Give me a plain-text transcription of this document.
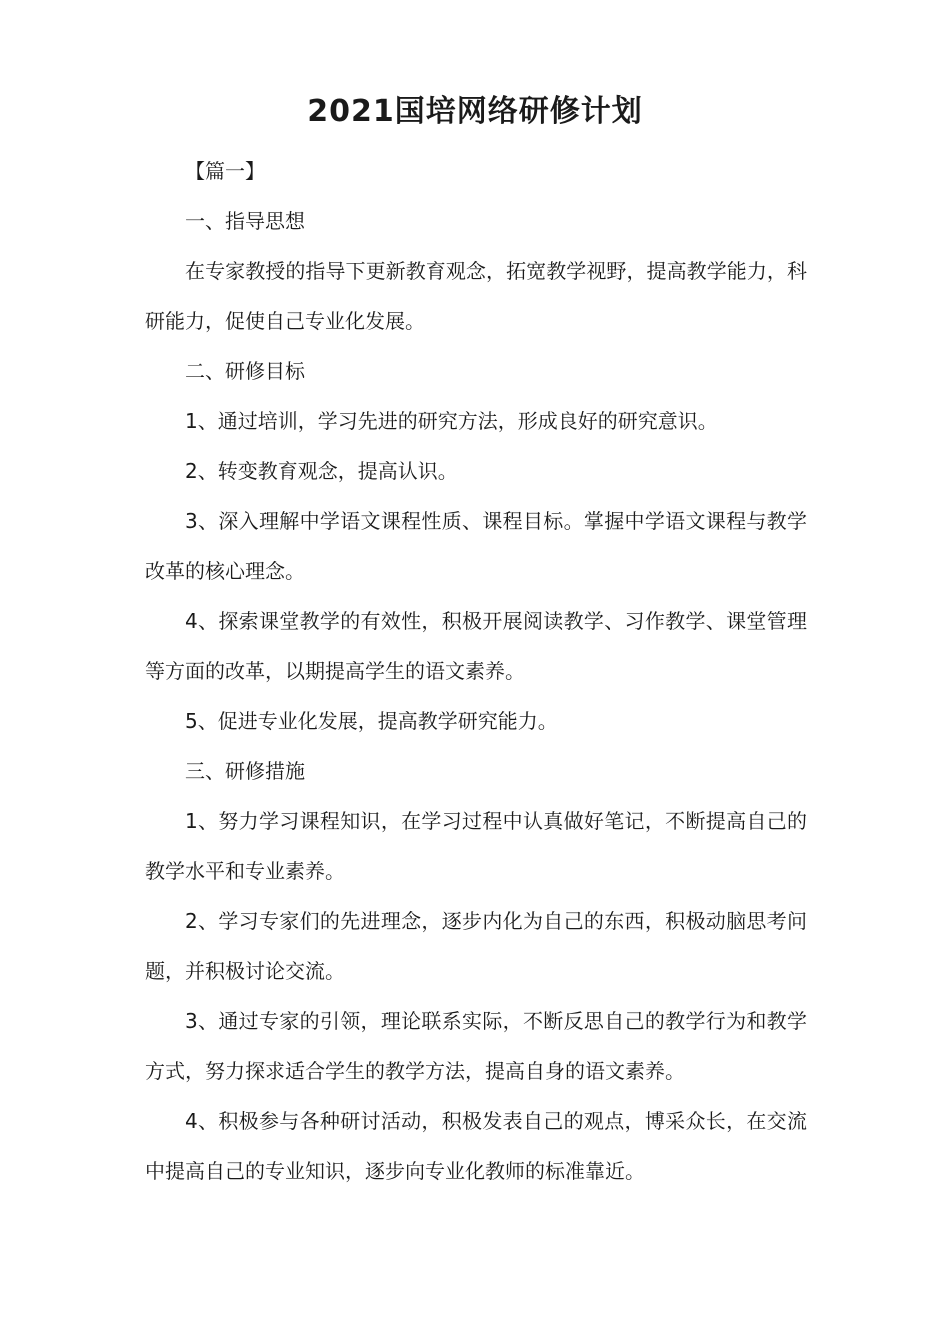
2021国培网络研修计划

【篇一】

一、指导思想

在专家教授的指导下更新教育观念，拓宽教学视野，提高教学能力，科研能力，促使自己专业化发展。

二、研修目标

1、通过培训，学习先进的研究方法，形成良好的研究意识。

2、转变教育观念，提高认识。

3、深入理解中学语文课程性质、课程目标。掌握中学语文课程与教学改革的核心理念。

4、探索课堂教学的有效性，积极开展阅读教学、习作教学、课堂管理等方面的改革，以期提高学生的语文素养。

5、促进专业化发展，提高教学研究能力。

三、研修措施

1、努力学习课程知识，在学习过程中认真做好笔记，不断提高自己的教学水平和专业素养。

2、学习专家们的先进理念，逐步内化为自己的东西，积极动脑思考问题，并积极讨论交流。

3、通过专家的引领，理论联系实际，不断反思自己的教学行为和教学方式，努力探求适合学生的教学方法，提高自身的语文素养。

4、积极参与各种研讨活动，积极发表自己的观点，博采众长，在交流中提高自己的专业知识，逐步向专业化教师的标准靠近。
